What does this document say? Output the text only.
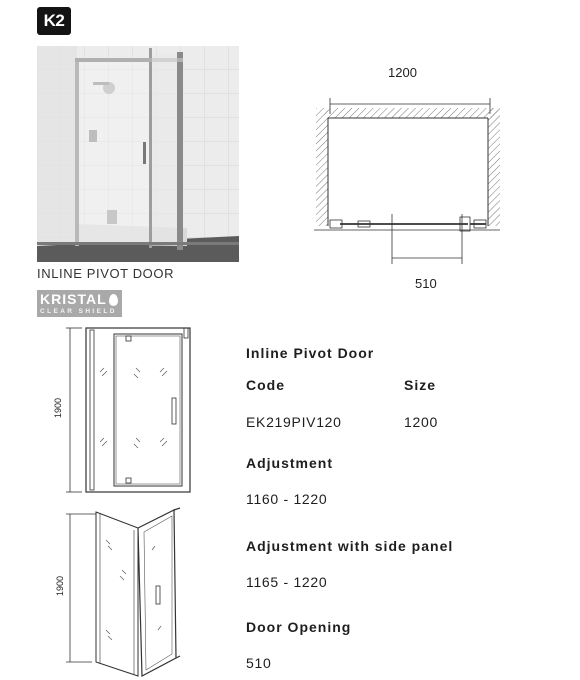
K2
INLINE PIVOT DOOR
KRISTAL
CLEAR SHIELD
1200
510
1900
1900
Inline Pivot Door
Code	Size
EK219PIV120	1200
Adjustment
1160 - 1220
Adjustment with side panel
1165 - 1220
Door Opening
510
